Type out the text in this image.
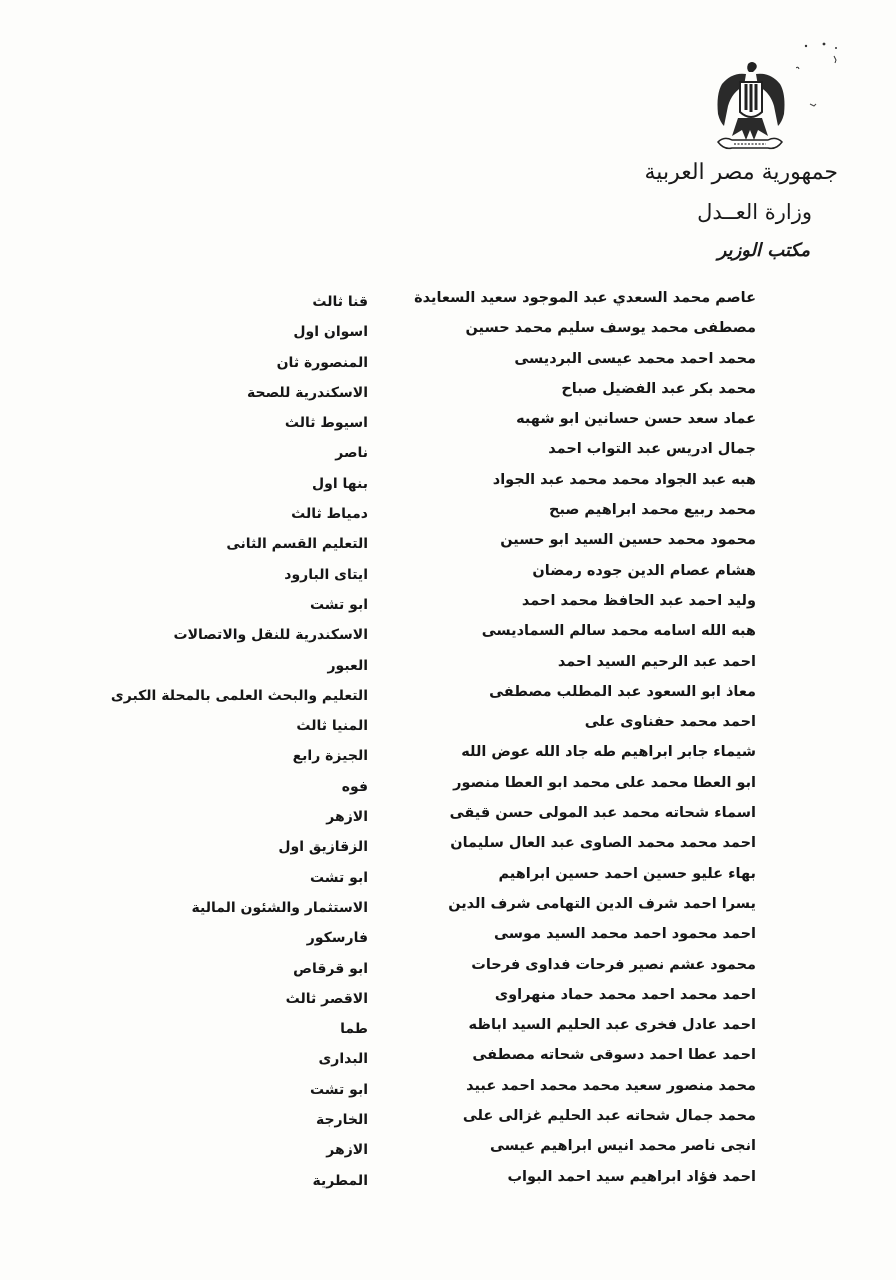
جمهورية مصر العربية
وزارة العــدل
مكتب الوزير
عاصم محمد السعدي عبد الموجود سعيد السعايدة
قنا ثالث
مصطفى محمد يوسف سليم محمد حسين
اسوان اول
محمد احمد محمد عيسى البرديسى
المنصورة ثان
محمد بكر عبد الفضيل صباح
الاسكندرية للصحة
عماد سعد حسن حسانين ابو شهبه
اسيوط ثالث
جمال ادريس عبد التواب احمد
ناصر
هبه عبد الجواد محمد محمد عبد الجواد
بنها اول
محمد ربيع محمد ابراهيم صبح
دمياط ثالث
محمود محمد حسين السيد ابو حسين
التعليم القسم الثانى
هشام عصام الدين جوده رمضان
ايتاى البارود
وليد احمد عبد الحافظ محمد احمد
ابو تشت
هبه الله اسامه محمد سالم السماديسى
الاسكندرية للنقل والاتصالات
احمد عبد الرحيم السيد احمد
العبور
معاذ ابو السعود عبد المطلب مصطفى
التعليم والبحث العلمى بالمحلة الكبرى
احمد محمد حفناوى على
المنيا ثالث
شيماء جابر ابراهيم طه جاد الله عوض الله
الجيزة رابع
ابو العطا محمد على محمد ابو العطا منصور
فوه
اسماء شحاته محمد عبد المولى حسن قيقى
الازهر
احمد محمد محمد الصاوى عبد العال سليمان
الزقازيق اول
بهاء عليو حسين احمد حسين ابراهيم
ابو تشت
يسرا احمد شرف الدين التهامى شرف الدين
الاستثمار والشئون المالية
احمد محمود احمد محمد السيد موسى
فارسكور
محمود عشم نصير فرحات فداوى فرحات
ابو قرقاص
احمد محمد احمد محمد حماد منهراوى
الاقصر ثالث
احمد عادل فخرى عبد الحليم السيد اباظه
طما
احمد عطا احمد دسوقى شحاته مصطفى
البدارى
محمد منصور سعيد محمد محمد احمد عبيد
ابو تشت
محمد جمال شحاته عبد الحليم غزالى على
الخارجة
انجى ناصر محمد انيس ابراهيم عيسى
الازهر
احمد فؤاد ابراهيم سيد احمد البواب
المطرية
